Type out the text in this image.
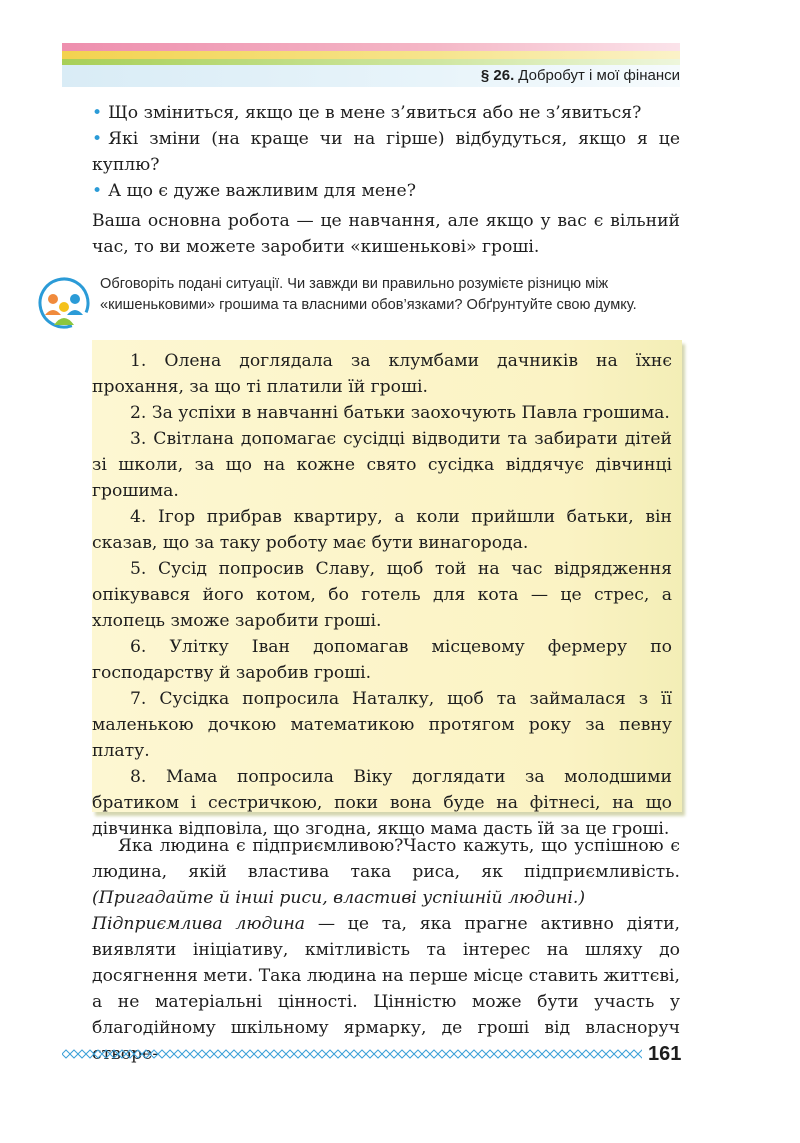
§ 26. Добробут і мої фінанси
• Що зміниться, якщо це в мене з’явиться або не з’явиться?
• Які зміни (на краще чи на гірше) відбудуться, якщо я це куплю?
• А що є дуже важливим для мене?
Ваша основна робота — це навчання, але якщо у вас є вільний час, то ви можете заробити «кишенькові» гроші.
Обговоріть подані ситуації. Чи завжди ви правильно розумієте різницю між «кишеньковими» грошима та власними обов’язками? Обґрунтуйте свою думку.
1. Олена доглядала за клумбами дачників на їхнє прохання, за що ті платили їй гроші.
2. За успіхи в навчанні батьки заохочують Павла грошима.
3. Світлана допомагає сусідці відводити та забирати дітей зі школи, за що на кожне свято сусідка віддячує дівчинці грошима.
4. Ігор прибрав квартиру, а коли прийшли батьки, він сказав, що за таку роботу має бути винагорода.
5. Сусід попросив Славу, щоб той на час відрядження опікувався його котом, бо готель для кота — це стрес, а хлопець зможе заробити гроші.
6. Улітку Іван допомагав місцевому фермеру по господарству й заробив гроші.
7. Сусідка попросила Наталку, щоб та займалася з її маленькою дочкою математикою протягом року за певну плату.
8. Мама попросила Віку доглядати за молодшими братиком і сестричкою, поки вона буде на фітнесі, на що дівчинка відповіла, що згодна, якщо мама дасть їй за це гроші.
Яка людина є підприємливою?Часто кажуть, що успішною є людина, якій властива така риса, як підприємливість. (Пригадайте й інші риси, властиві успішній людині.)
Підприємлива людина — це та, яка прагне активно діяти, виявляти ініціативу, кмітливість та інтерес на шляху до досягнення мети. Така людина на перше місце ставить життєві, а не матеріальні цінності. Цінністю може бути участь у благодійному шкільному ярмарку, де гроші від власноруч
161
